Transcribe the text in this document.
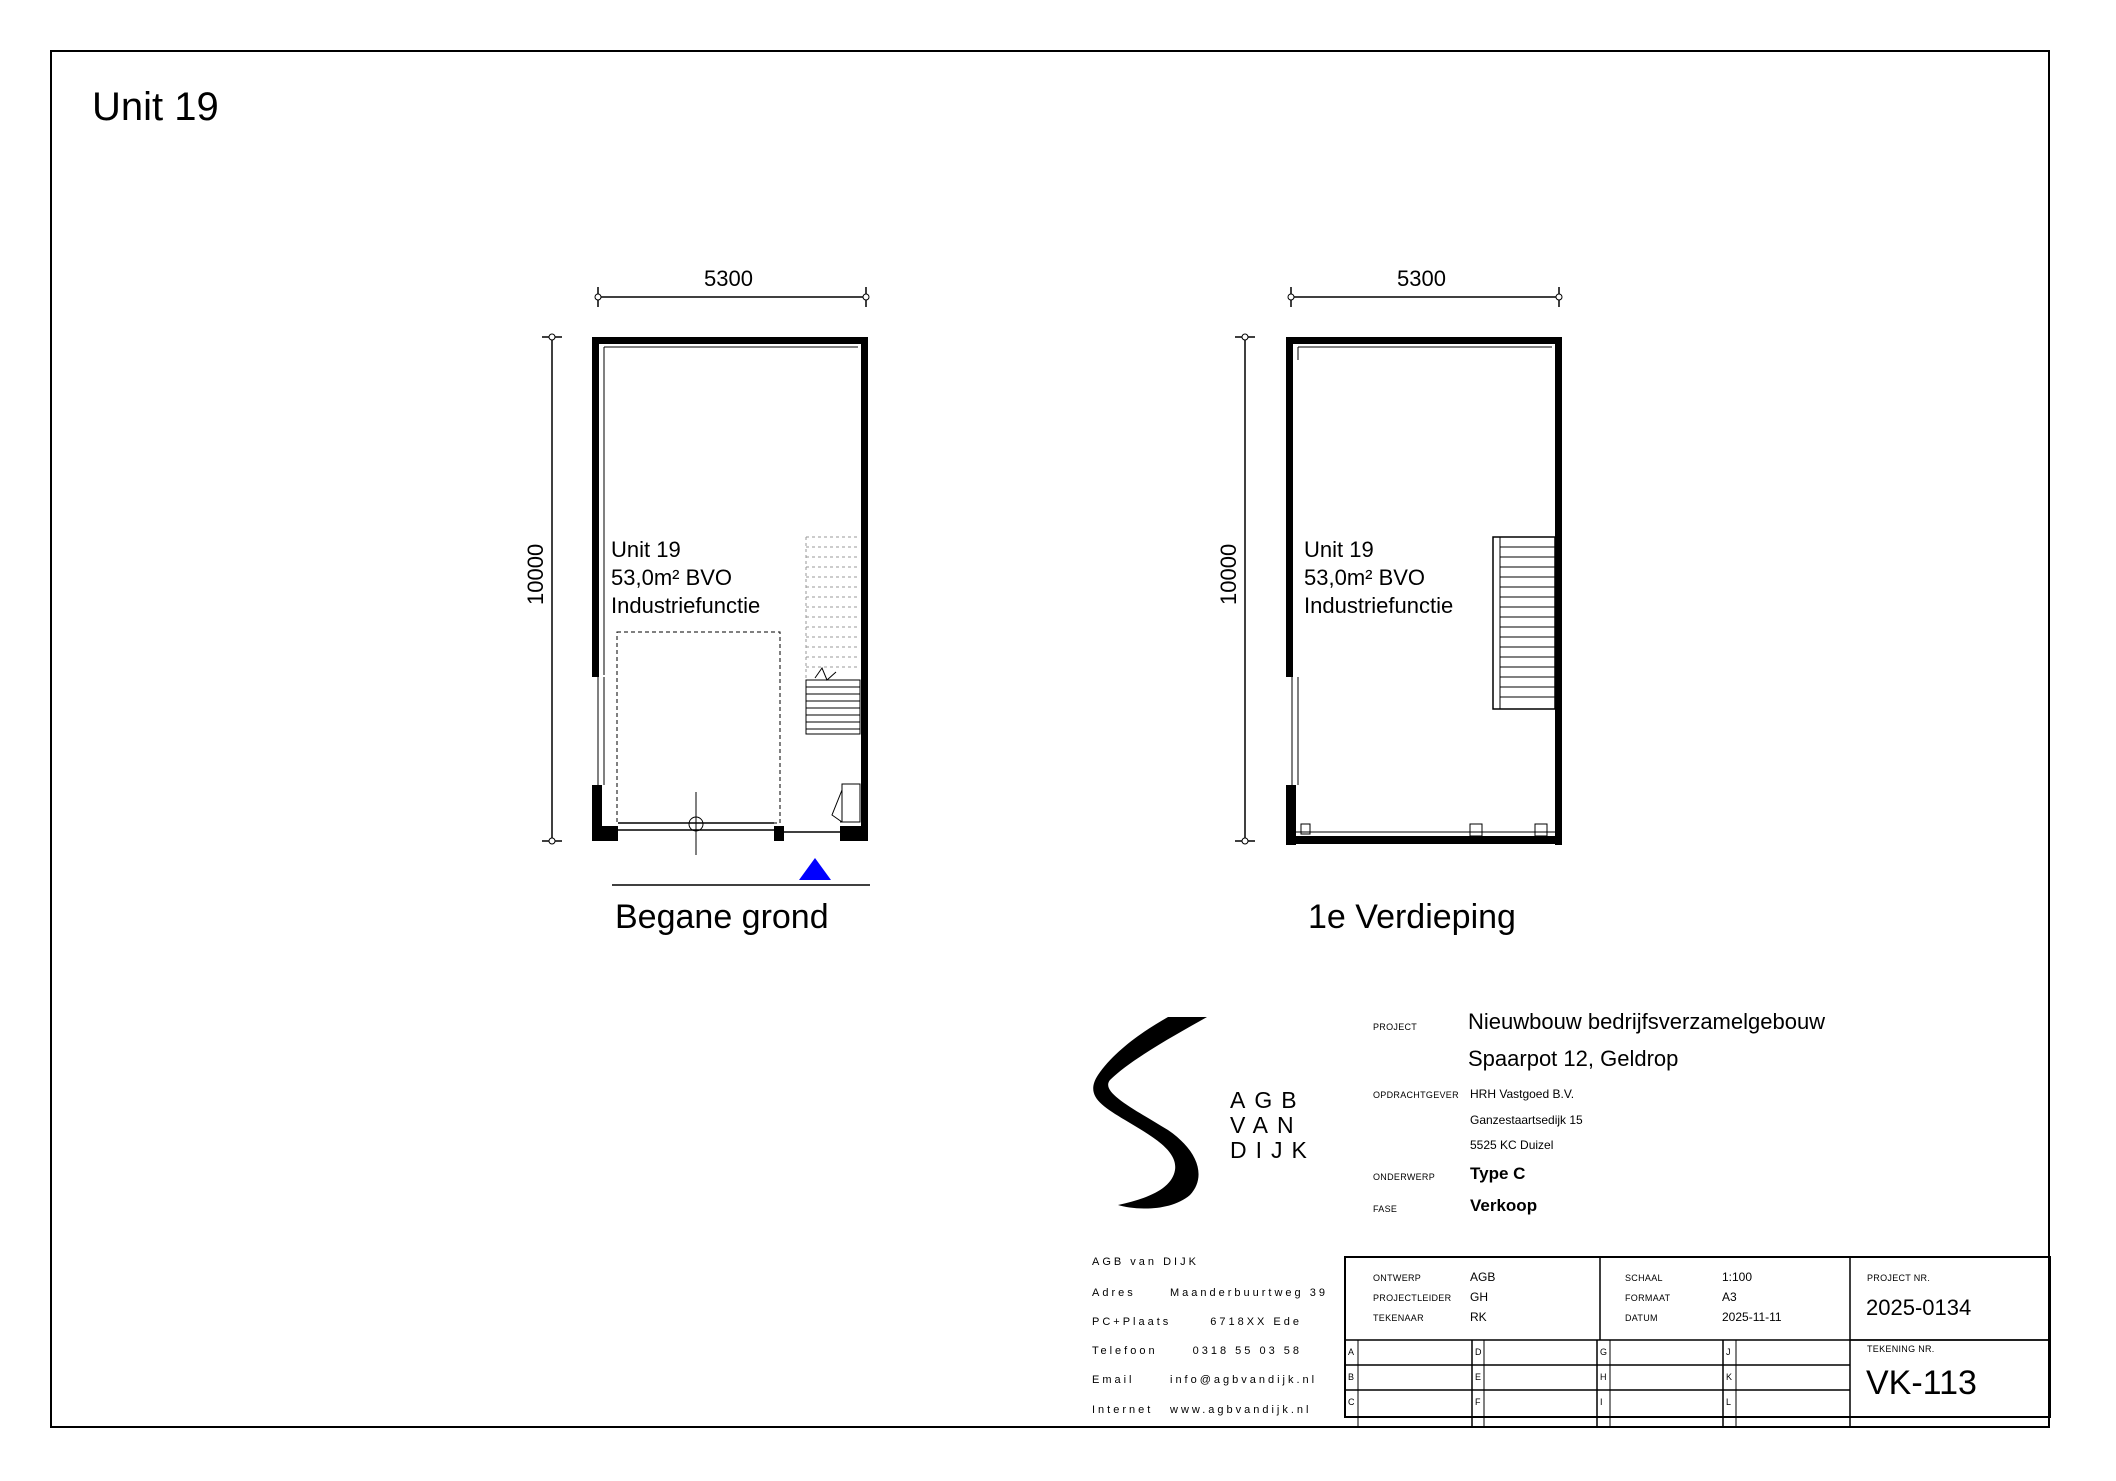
Unit 19
5300
10000
5300
10000
Unit 19
53,0m² BVO
Industriefunctie
Unit 19
53,0m² BVO
Industriefunctie
Begane grond	1e Verdieping
AGB
VAN
DIJK
PROJECT Nieuwbouw bedrijfsverzamelgebouw
Spaarpot 12, Geldrop
OPDRACHTGEVER HRH Vastgoed B.V.
Ganzestaartsedijk 15
5525 KC Duizel
ONDERWERP Type C
FASE	Verkoop
AGB van DIJK
Adres	Maanderbuurtweg 39
PC+Plaats	6718XX Ede
Telefoon	0318 55 03 58
Email	info@agbvandijk.nl
Internet www.agbvandijk.nl
ONTWERP	AGB
PROJECTLEIDER GH
TEKENAAR	RK
SCHAAL	1:100
FORMAAT	A3
DATUM	2025-11-11
PROJECT NR.
2025-0134
TEKENING NR.
VK-113
A
B
C
D
E
F
G
H
I
J
K
L
